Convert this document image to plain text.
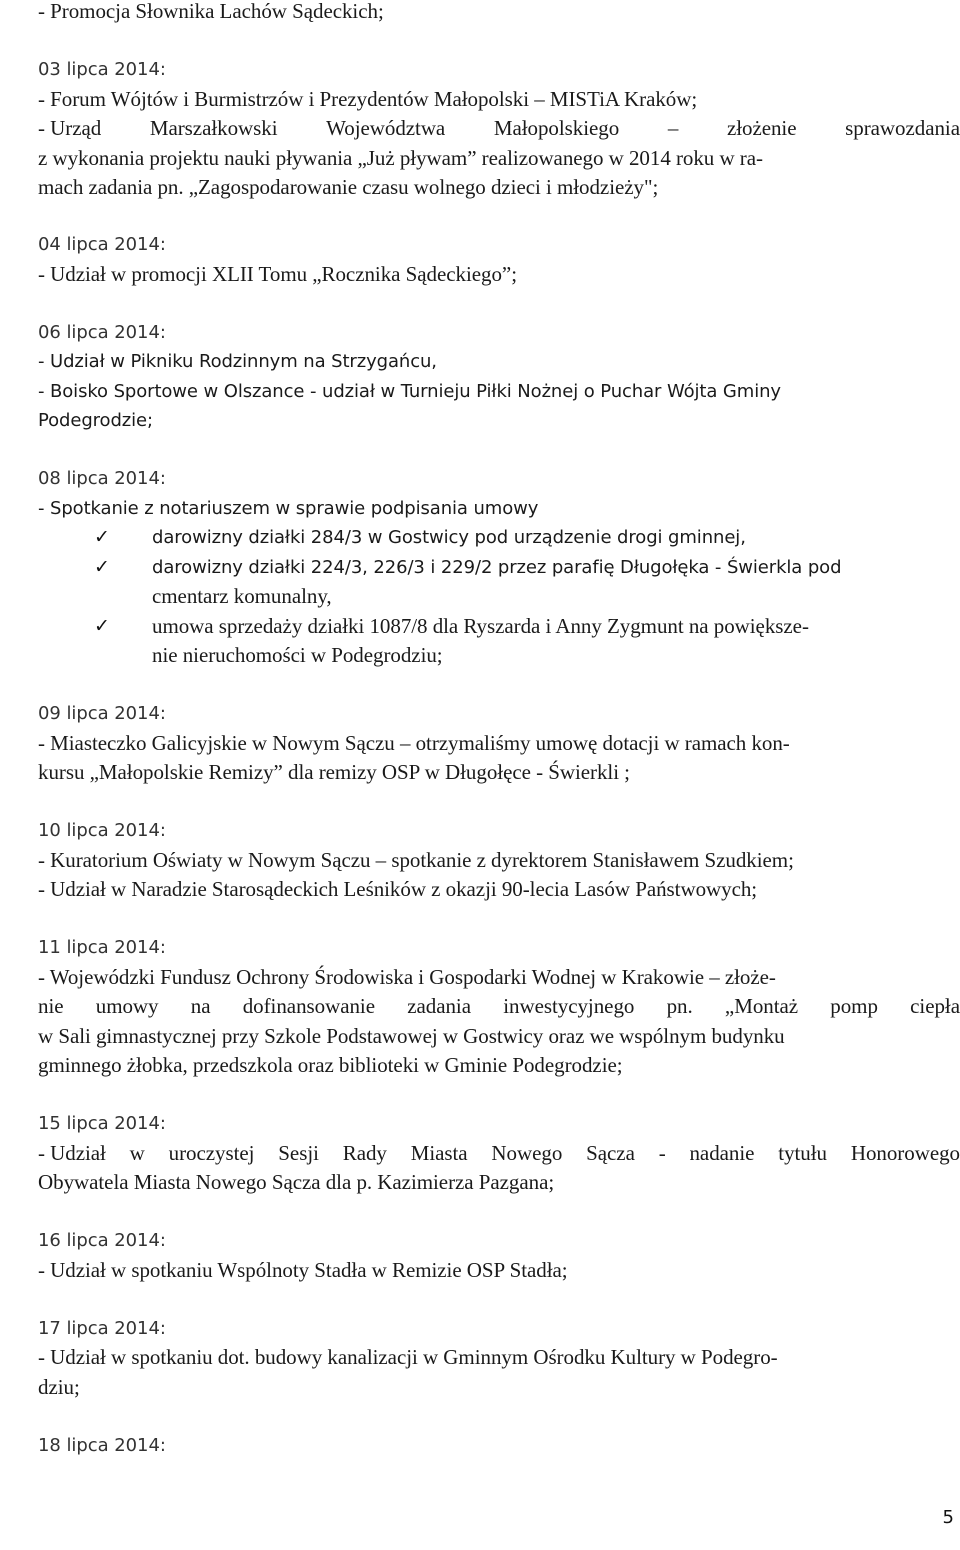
- Promocja Słownika Lachów Sądeckich;
03 lipca 2014:
- Forum Wójtów i Burmistrzów i Prezydentów Małopolski – MISTiA Kraków;
- Urząd Marszałkowski Województwa Małopolskiego – złożenie sprawozdania
z wykonania projektu nauki pływania „Już pływam” realizowanego w 2014 roku w ra-
mach zadania pn. „Zagospodarowanie czasu wolnego dzieci i młodzieży";
04 lipca 2014:
- Udział w promocji XLII Tomu „Rocznika Sądeckiego”;
06 lipca 2014:
- Udział w Pikniku Rodzinnym na Strzygańcu,
- Boisko Sportowe w Olszance - udział w Turnieju Piłki Nożnej o Puchar Wójta Gminy
Podegrodzie;
08 lipca 2014:
- Spotkanie z notariuszem w sprawie podpisania umowy
✓ darowizny działki 284/3 w Gostwicy pod urządzenie drogi gminnej,
✓ darowizny działki 224/3, 226/3 i 229/2 przez parafię Długołęka - Świerkla pod
cmentarz komunalny,
✓ umowa sprzedaży działki 1087/8 dla Ryszarda i Anny Zygmunt na powiększe-
nie nieruchomości w Podegrodziu;
09 lipca 2014:
- Miasteczko Galicyjskie w Nowym Sączu – otrzymaliśmy umowę dotacji w ramach kon-
kursu „Małopolskie Remizy” dla remizy OSP w Długołęce - Świerkli ;
10 lipca 2014:
- Kuratorium Oświaty w Nowym Sączu – spotkanie z dyrektorem Stanisławem Szudkiem;
- Udział w Naradzie Starosądeckich Leśników z okazji 90-lecia Lasów Państwowych;
11 lipca 2014:
- Wojewódzki Fundusz Ochrony Środowiska i Gospodarki Wodnej w Krakowie – złoże-
nie umowy na dofinansowanie zadania inwestycyjnego pn. „Montaż pomp ciepła
w Sali gimnastycznej przy Szkole Podstawowej w Gostwicy oraz we wspólnym budynku
gminnego żłobka, przedszkola oraz biblioteki w Gminie Podegrodzie;
15 lipca 2014:
- Udział w uroczystej Sesji Rady Miasta Nowego Sącza - nadanie tytułu Honorowego
Obywatela Miasta Nowego Sącza dla p. Kazimierza Pazgana;
16 lipca 2014:
- Udział w spotkaniu Wspólnoty Stadła w Remizie OSP Stadła;
17 lipca 2014:
- Udział w spotkaniu dot. budowy kanalizacji w Gminnym Ośrodku Kultury w Podegro-
dziu;
18 lipca 2014:
5
